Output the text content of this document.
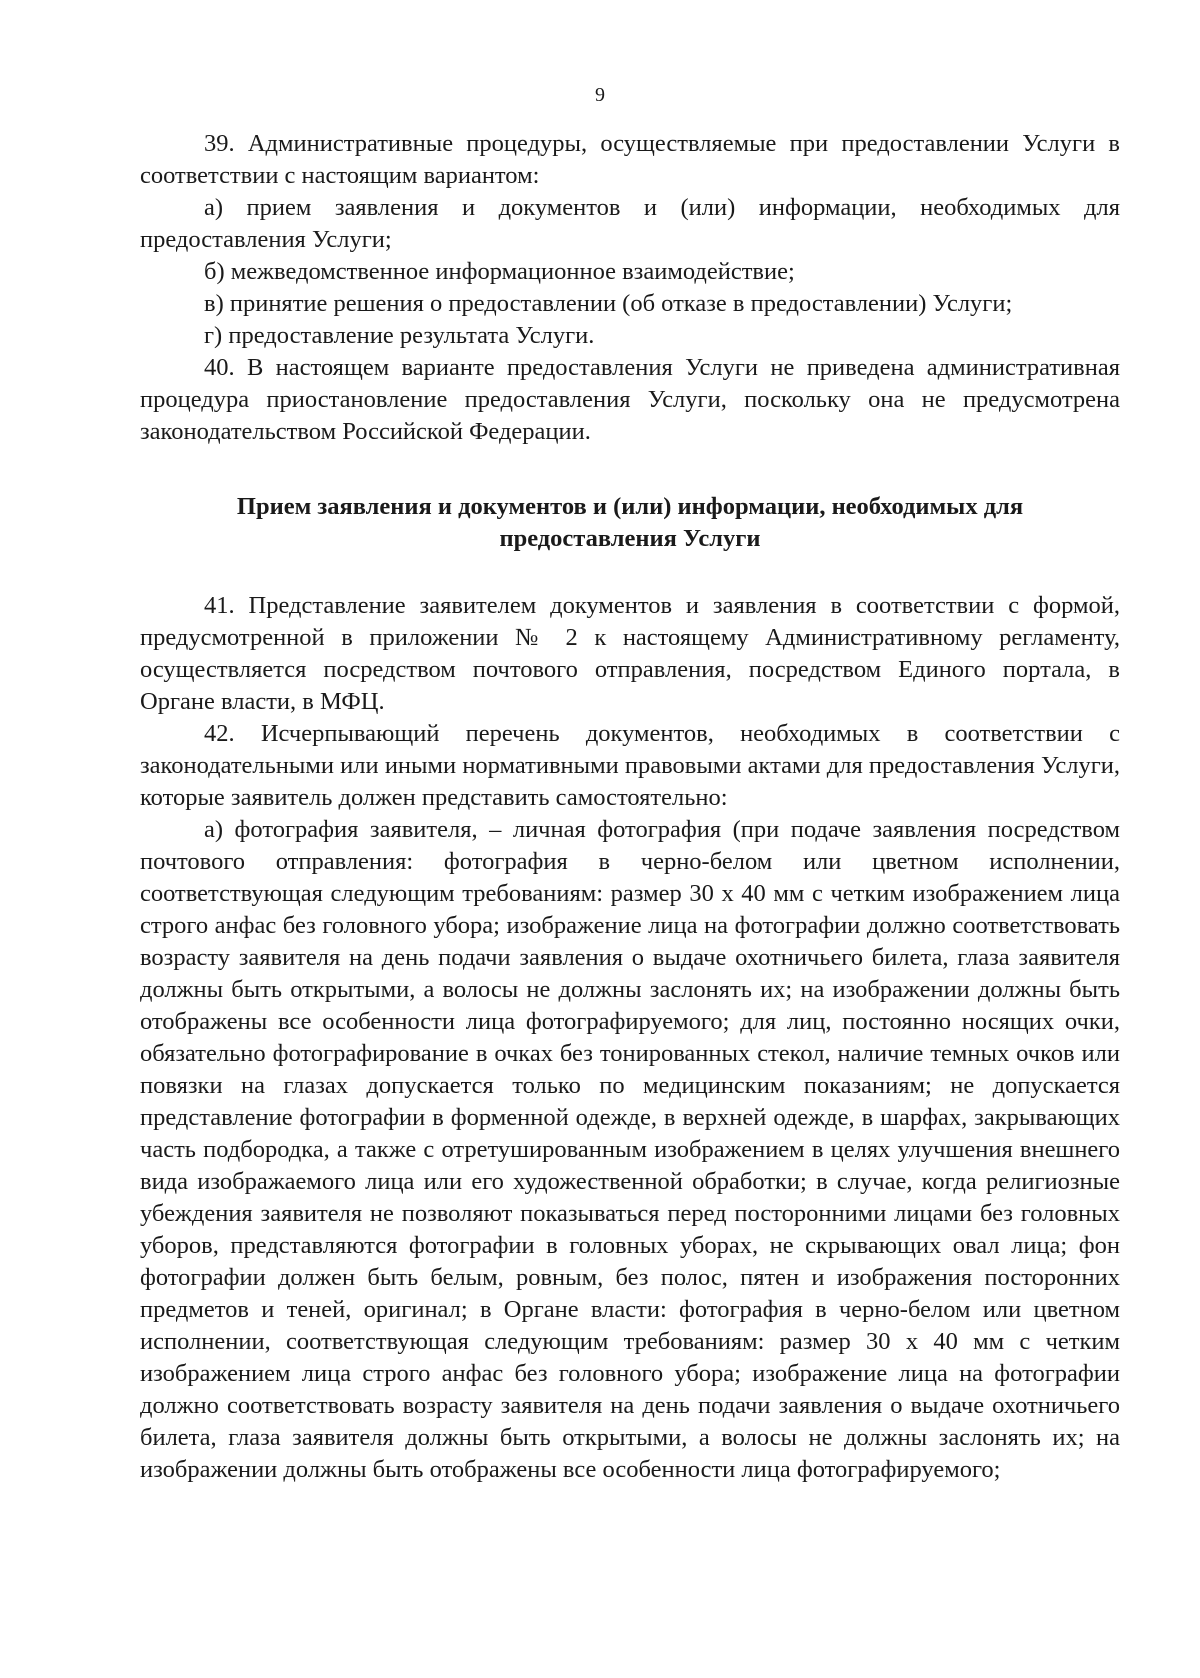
9

39. Административные процедуры, осуществляемые при предоставлении Услуги в соответствии с настоящим вариантом:

а) прием заявления и документов и (или) информации, необходимых для предоставления Услуги;

б) межведомственное информационное взаимодействие;

в) принятие решения о предоставлении (об отказе в предоставлении) Услуги;

г) предоставление результата Услуги.

40. В настоящем варианте предоставления Услуги не приведена административная процедура приостановление предоставления Услуги, поскольку она не предусмотрена законодательством Российской Федерации.

Прием заявления и документов и (или) информации, необходимых для
предоставления Услуги

41. Представление заявителем документов и заявления в соответствии с формой, предусмотренной в приложении № 2 к настоящему Административному регламенту, осуществляется посредством почтового отправления, посредством Единого портала, в Органе власти, в МФЦ.

42. Исчерпывающий перечень документов, необходимых в соответствии с законодательными или иными нормативными правовыми актами для предоставления Услуги, которые заявитель должен представить самостоятельно:

а) фотография заявителя, – личная фотография (при подаче заявления посредством почтового отправления: фотография в черно-белом или цветном исполнении, соответствующая следующим требованиям: размер 30 х 40 мм с четким изображением лица строго анфас без головного убора; изображение лица на фотографии должно соответствовать возрасту заявителя на день подачи заявления о выдаче охотничьего билета, глаза заявителя должны быть открытыми, а волосы не должны заслонять их; на изображении должны быть отображены все особенности лица фотографируемого; для лиц, постоянно носящих очки, обязательно фотографирование в очках без тонированных стекол, наличие темных очков или повязки на глазах допускается только по медицинским показаниям; не допускается представление фотографии в форменной одежде, в верхней одежде, в шарфах, закрывающих часть подбородка, а также с отретушированным изображением в целях улучшения внешнего вида изображаемого лица или его художественной обработки; в случае, когда религиозные убеждения заявителя не позволяют показываться перед посторонними лицами без головных уборов, представляются фотографии в головных уборах, не скрывающих овал лица; фон фотографии должен быть белым, ровным, без полос, пятен и изображения посторонних предметов и теней, оригинал; в Органе власти: фотография в черно-белом или цветном исполнении, соответствующая следующим требованиям: размер 30 х 40 мм с четким изображением лица строго анфас без головного убора; изображение лица на фотографии должно соответствовать возрасту заявителя на день подачи заявления о выдаче охотничьего билета, глаза заявителя должны быть открытыми, а волосы не должны заслонять их; на изображении должны быть отображены все особенности лица фотографируемого;
